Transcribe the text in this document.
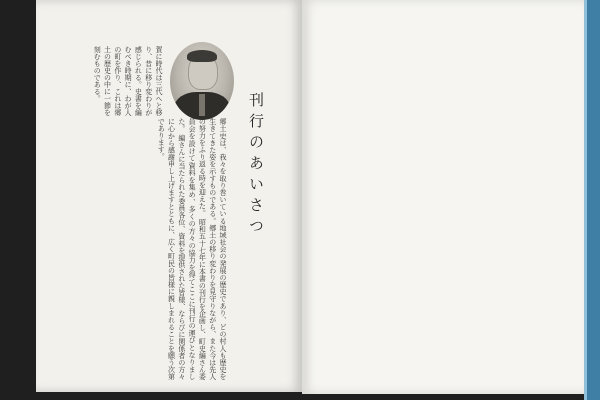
刊行のあいさつ
賀に時代は三代へと移り、昔に移り変わりが感じられる。史書を編むべき時期に、わが人の町を作り、これは郷土の歴史の中に一節を刻むものである。
郷土史は、我々を取り巻いている地域社会の発展の歴史であり、どの村人も歴史を生きてきた姿を示すものである。郷土の移り変わりを見守りながら、また今は先人の努力をふり返る時を迎えた。 昭和五十七年に本書の刊行を企画し、町史編さん委員会を設けて資料を集め、多くの方々の協力を得てここに刊行の運びとなりました。 編さんに当たられた委員各位、資料を提供された皆様、ならびに関係者の方々に心から感謝申し上げますとともに、広く町民の皆様に親しまれることを願う次第であります。
